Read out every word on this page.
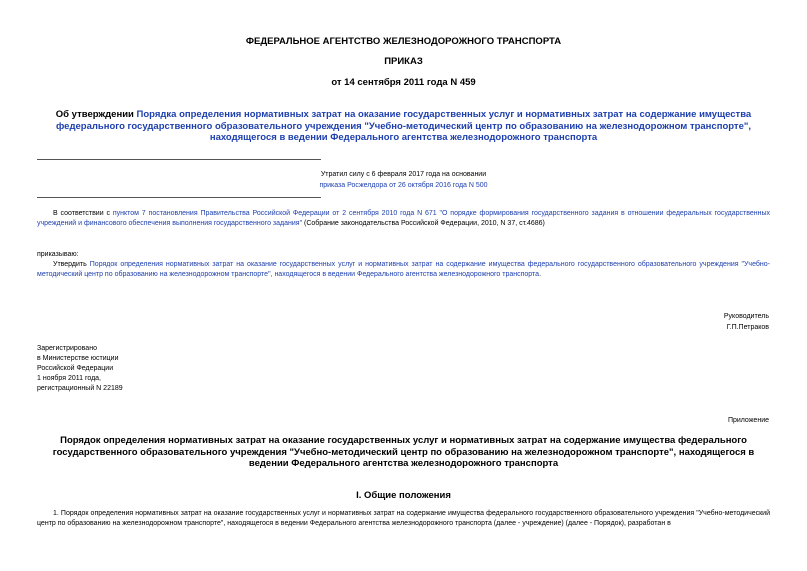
ФЕДЕРАЛЬНОЕ АГЕНТСТВО ЖЕЛЕЗНОДОРОЖНОГО ТРАНСПОРТА
ПРИКАЗ
от 14 сентября 2011 года N 459
Об утверждении Порядка определения нормативных затрат на оказание государственных услуг и нормативных затрат на содержание имущества федерального государственного образовательного учреждения "Учебно-методический центр по образованию на железнодорожном транспорте", находящегося в ведении Федерального агентства железнодорожного транспорта
Утратил силу с 6 февраля 2017 года на основании
приказа Росжелдора от 26 октября 2016 года N 500
В соответствии с пунктом 7 постановления Правительства Российской Федерации от 2 сентября 2010 года N 671 "О порядке формирования государственного задания в отношении федеральных государственных учреждений и финансового обеспечения выполнения государственного задания" (Собрание законодательства Российской Федерации, 2010, N 37, ст.4686)
приказываю:
Утвердить Порядок определения нормативных затрат на оказание государственных услуг и нормативных затрат на содержание имущества федерального государственного образовательного учреждения "Учебно-методический центр по образованию на железнодорожном транспорте", находящегося в ведении Федерального агентства железнодорожного транспорта.
Руководитель
Г.П.Петраков
Зарегистрировано
в Министерстве юстиции
Российской Федерации
1 ноября 2011 года,
регистрационный N 22189
Приложение
Порядок определения нормативных затрат на оказание государственных услуг и нормативных затрат на содержание имущества федерального государственного образовательного учреждения "Учебно-методический центр по образованию на железнодорожном транспорте", находящегося в ведении Федерального агентства железнодорожного транспорта
I. Общие положения
1. Порядок определения нормативных затрат на оказание государственных услуг и нормативных затрат на содержание имущества федерального государственного образовательного учреждения "Учебно-методический центр по образованию на железнодорожном транспорте", находящегося в ведении Федерального агентства железнодорожного транспорта (далее - учреждение) (далее - Порядок), разработан в
